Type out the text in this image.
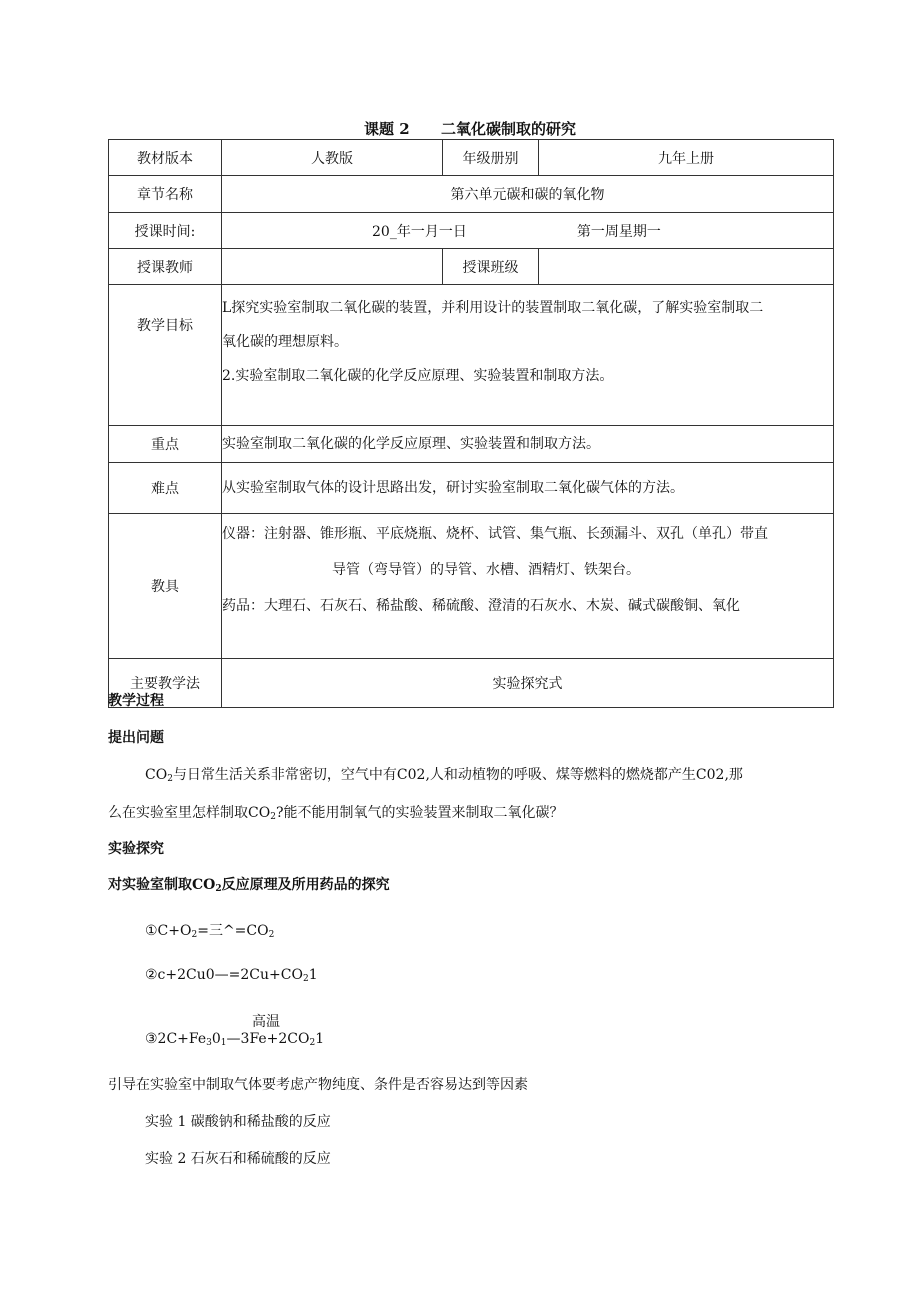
课题 2      二氧化碳制取的研究
教材版本	人教版	年级册别	九年上册
章节名称	第六单元碳和碳的氧化物		
授课时间:	20_年一月一日 第一周星期一		
授课教师		授课班级	
教学目标	L探究实验室制取二氧化碳的装置，并利用设计的装置制取二氧化碳，了解实验室制取二
氧化碳的理想原料。
2.实验室制取二氧化碳的化学反应原理、实验装置和制取方法。		

重点	实验室制取二氧化碳的化学反应原理、实验装置和制取方法。		
难点	从实验室制取气体的设计思路出发，研讨实验室制取二氧化碳气体的方法。		
教具	仪器：注射器、锥形瓶、平底烧瓶、烧杯、试管、集气瓶、长颈漏斗、双孔（单孔）带直
导管（弯导管）的导管、水槽、酒精灯、铁架台。
药品：大理石、石灰石、稀盐酸、稀硫酸、澄清的石灰水、木炭、碱式碳酸铜、氧化		

主要教学法	实验探究式		
教学过程
提出问题
$CO_2$与日常生活关系非常密切，空气中有C02,人和动植物的呼吸、煤等燃料的燃烧都产生C02,那
么在实验室里怎样制取$CO_2$?能不能用制氧气的实验装置来制取二氧化碳？
实验探究
对实验室制取$CO_2$反应原理及所用药品的探究
$①C+O_2=$三$\^{}=CO_2$
$②c+2Cu0—=2Cu+CO_21$
高温
$③2C+Fe_30_1—3Fe+2CO_21$
引导在实验室中制取气体要考虑产物纯度、条件是否容易达到等因素
实验 1 碳酸钠和稀盐酸的反应
实验 2 石灰石和稀硫酸的反应
